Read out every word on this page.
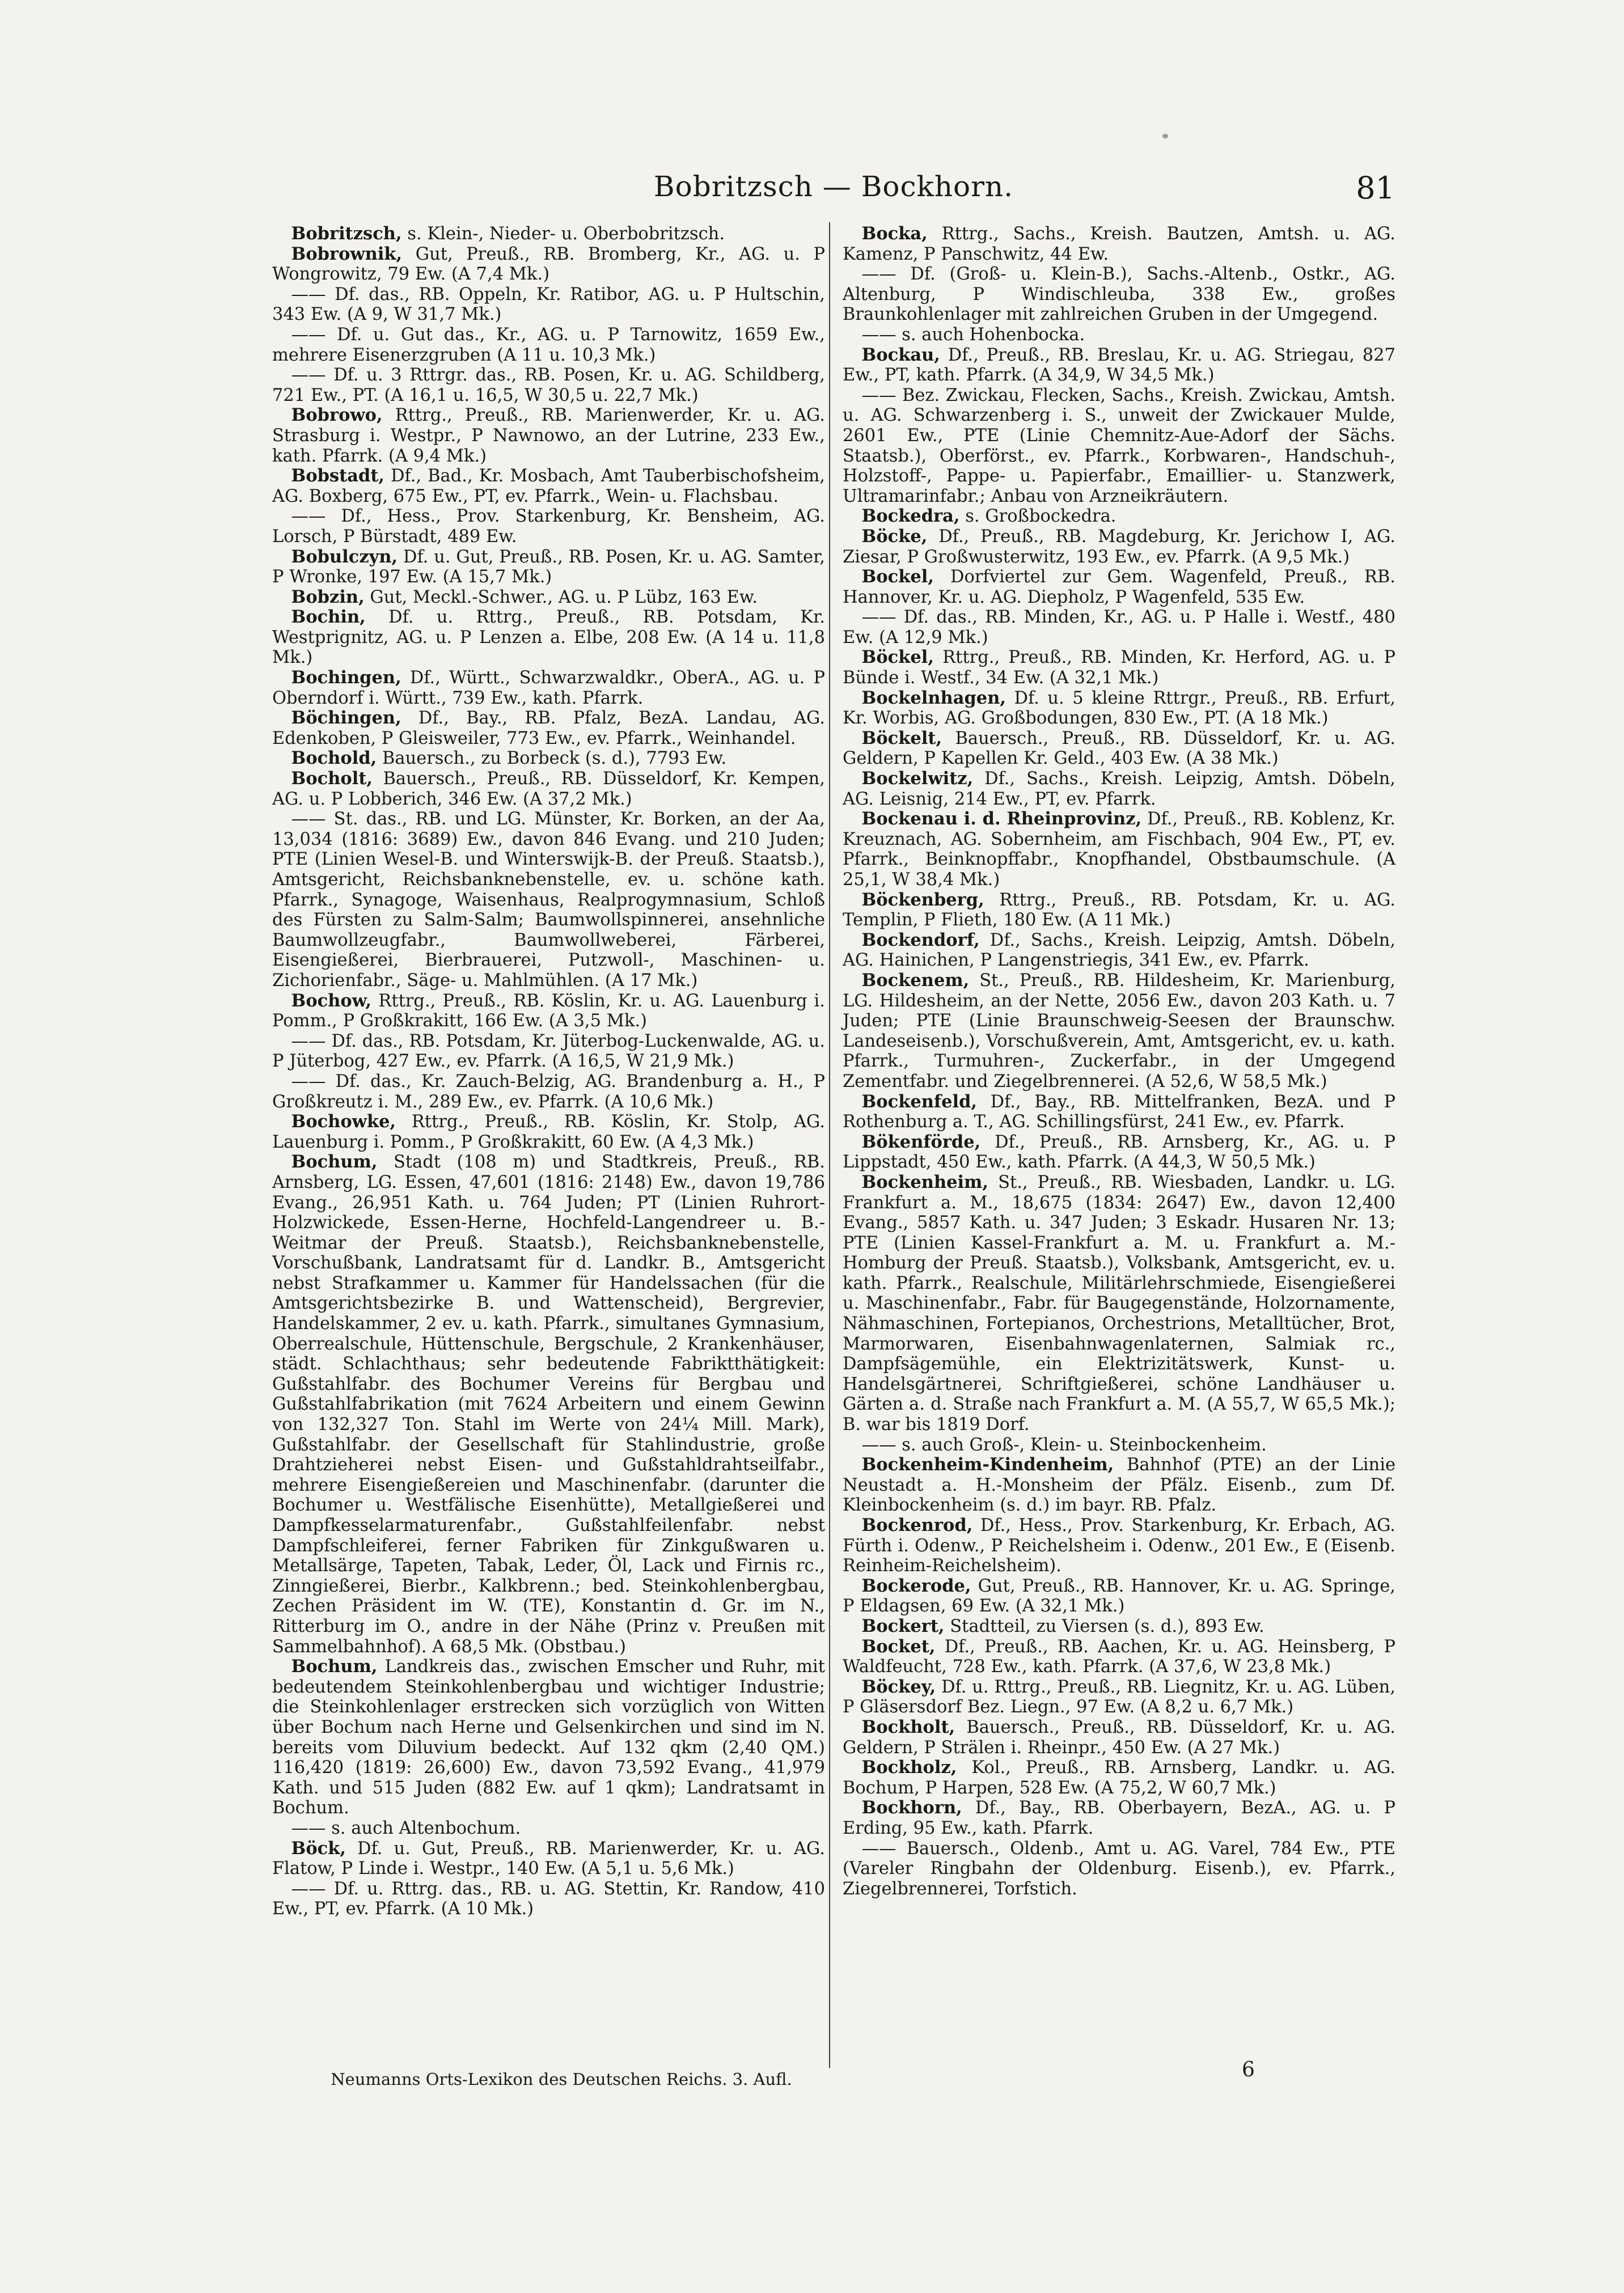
Bobritzsch — Bockhorn.	81

Bobritzsch, s. Klein-, Nieder- u. Oberbobritzsch.

Bobrownik, Gut, Preuß., RB. Bromberg, Kr., AG. u. P Wongrowitz, 79 Ew. (A 7,4 Mk.)

—— Df. das., RB. Oppeln, Kr. Ratibor, AG. u. P Hultschin, 343 Ew. (A 9, W 31,7 Mk.)

—— Df. u. Gut das., Kr., AG. u. P Tarnowitz, 1659 Ew., mehrere Eisenerzgruben (A 11 u. 10,3 Mk.)

—— Df. u. 3 Rttrgr. das., RB. Posen, Kr. u. AG. Schildberg, 721 Ew., PT. (A 16,1 u. 16,5, W 30,5 u. 22,7 Mk.)

Bobrowo, Rttrg., Preuß., RB. Marienwerder, Kr. u. AG. Strasburg i. Westpr., P Nawnowo, an der Lutrine, 233 Ew., kath. Pfarrk. (A 9,4 Mk.)

Bobstadt, Df., Bad., Kr. Mosbach, Amt Tauberbischofsheim, AG. Boxberg, 675 Ew., PT, ev. Pfarrk., Wein- u. Flachsbau.

—— Df., Hess., Prov. Starkenburg, Kr. Bensheim, AG. Lorsch, P Bürstadt, 489 Ew.

Bobulczyn, Df. u. Gut, Preuß., RB. Posen, Kr. u. AG. Samter, P Wronke, 197 Ew. (A 15,7 Mk.)

Bobzin, Gut, Meckl.-Schwer., AG. u. P Lübz, 163 Ew.

Bochin, Df. u. Rttrg., Preuß., RB. Potsdam, Kr. Westprignitz, AG. u. P Lenzen a. Elbe, 208 Ew. (A 14 u. 11,8 Mk.)

Bochingen, Df., Württ., Schwarzwaldkr., OberA., AG. u. P Oberndorf i. Württ., 739 Ew., kath. Pfarrk.

Böchingen, Df., Bay., RB. Pfalz, BezA. Landau, AG. Edenkoben, P Gleisweiler, 773 Ew., ev. Pfarrk., Weinhandel.

Bochold, Bauersch., zu Borbeck (s. d.), 7793 Ew.

Bocholt, Bauersch., Preuß., RB. Düsseldorf, Kr. Kempen, AG. u. P Lobberich, 346 Ew. (A 37,2 Mk.)

—— St. das., RB. und LG. Münster, Kr. Borken, an der Aa, 13,034 (1816: 3689) Ew., davon 846 Evang. und 210 Juden; PTE (Linien Wesel-B. und Winterswijk-B. der Preuß. Staatsb.), Amtsgericht, Reichsbanknebenstelle, ev. u. schöne kath. Pfarrk., Synagoge, Waisenhaus, Realprogymnasium, Schloß des Fürsten zu Salm-Salm; Baumwollspinnerei, ansehnliche Baumwollzeugfabr., Baumwollweberei, Färberei, Eisengießerei, Bierbrauerei, Putzwoll-, Maschinen- u. Zichorienfabr., Säge- u. Mahlmühlen. (A 17 Mk.)

Bochow, Rttrg., Preuß., RB. Köslin, Kr. u. AG. Lauenburg i. Pomm., P Großkrakitt, 166 Ew. (A 3,5 Mk.)

—— Df. das., RB. Potsdam, Kr. Jüterbog-Luckenwalde, AG. u. P Jüterbog, 427 Ew., ev. Pfarrk. (A 16,5, W 21,9 Mk.)

—— Df. das., Kr. Zauch-Belzig, AG. Brandenburg a. H., P Großkreutz i. M., 289 Ew., ev. Pfarrk. (A 10,6 Mk.)

Bochowke, Rttrg., Preuß., RB. Köslin, Kr. Stolp, AG. Lauenburg i. Pomm., P Großkrakitt, 60 Ew. (A 4,3 Mk.)

Bochum, Stadt (108 m) und Stadtkreis, Preuß., RB. Arnsberg, LG. Essen, 47,601 (1816: 2148) Ew., davon 19,786 Evang., 26,951 Kath. u. 764 Juden; PT (Linien Ruhrort-Holzwickede, Essen-Herne, Hochfeld-Langendreer u. B.-Weitmar der Preuß. Staatsb.), Reichsbanknebenstelle, Vorschußbank, Landratsamt für d. Landkr. B., Amtsgericht nebst Strafkammer u. Kammer für Handelssachen (für die Amtsgerichtsbezirke B. und Wattenscheid), Bergrevier, Handelskammer, 2 ev. u. kath. Pfarrk., simultanes Gymnasium, Oberrealschule, Hüttenschule, Bergschule, 2 Krankenhäuser, städt. Schlachthaus; sehr bedeutende Fabriktthätigkeit: Gußstahlfabr. des Bochumer Vereins für Bergbau und Gußstahlfabrikation (mit 7624 Arbeitern und einem Gewinn von 132,327 Ton. Stahl im Werte von 24¼ Mill. Mark), Gußstahlfabr. der Gesellschaft für Stahlindustrie, große Drahtzieherei nebst Eisen- und Gußstahldrahtseilfabr., mehrere Eisengießereien und Maschinenfabr. (darunter die Bochumer u. Westfälische Eisenhütte), Metallgießerei und Dampfkesselarmaturenfabr., Gußstahlfeilenfabr. nebst Dampfschleiferei, ferner Fabriken für Zinkgußwaren u. Metallsärge, Tapeten, Tabak, Leder, Öl, Lack und Firnis rc., Zinngießerei, Bierbr., Kalkbrenn.; bed. Steinkohlenbergbau, Zechen Präsident im W. (TE), Konstantin d. Gr. im N., Ritterburg im O., andre in der Nähe (Prinz v. Preußen mit Sammelbahnhof). A 68,5 Mk. (Obstbau.)

Bochum, Landkreis das., zwischen Emscher und Ruhr, mit bedeutendem Steinkohlenbergbau und wichtiger Industrie; die Steinkohlenlager erstrecken sich vorzüglich von Witten über Bochum nach Herne und Gelsenkirchen und sind im N. bereits vom Diluvium bedeckt. Auf 132 qkm (2,40 QM.) 116,420 (1819: 26,600) Ew., davon 73,592 Evang., 41,979 Kath. und 515 Juden (882 Ew. auf 1 qkm); Landratsamt in Bochum.

—— s. auch Altenbochum.

Böck, Df. u. Gut, Preuß., RB. Marienwerder, Kr. u. AG. Flatow, P Linde i. Westpr., 140 Ew. (A 5,1 u. 5,6 Mk.)

—— Df. u. Rttrg. das., RB. u. AG. Stettin, Kr. Randow, 410 Ew., PT, ev. Pfarrk. (A 10 Mk.)

Bocka, Rttrg., Sachs., Kreish. Bautzen, Amtsh. u. AG. Kamenz, P Panschwitz, 44 Ew.

—— Df. (Groß- u. Klein-B.), Sachs.-Altenb., Ostkr., AG. Altenburg, P Windischleuba, 338 Ew., großes Braunkohlenlager mit zahlreichen Gruben in der Umgegend.

—— s. auch Hohenbocka.

Bockau, Df., Preuß., RB. Breslau, Kr. u. AG. Striegau, 827 Ew., PT, kath. Pfarrk. (A 34,9, W 34,5 Mk.)

—— Bez. Zwickau, Flecken, Sachs., Kreish. Zwickau, Amtsh. u. AG. Schwarzenberg i. S., unweit der Zwickauer Mulde, 2601 Ew., PTE (Linie Chemnitz-Aue-Adorf der Sächs. Staatsb.), Oberförst., ev. Pfarrk., Korbwaren-, Handschuh-, Holzstoff-, Pappe- u. Papierfabr., Emaillier- u. Stanzwerk, Ultramarinfabr.; Anbau von Arzneikräutern.

Bockedra, s. Großbockedra.

Böcke, Df., Preuß., RB. Magdeburg, Kr. Jerichow I, AG. Ziesar, P Großwusterwitz, 193 Ew., ev. Pfarrk. (A 9,5 Mk.)

Bockel, Dorfviertel zur Gem. Wagenfeld, Preuß., RB. Hannover, Kr. u. AG. Diepholz, P Wagenfeld, 535 Ew.

—— Df. das., RB. Minden, Kr., AG. u. P Halle i. Westf., 480 Ew. (A 12,9 Mk.)

Böckel, Rttrg., Preuß., RB. Minden, Kr. Herford, AG. u. P Bünde i. Westf., 34 Ew. (A 32,1 Mk.)

Bockelnhagen, Df. u. 5 kleine Rttrgr., Preuß., RB. Erfurt, Kr. Worbis, AG. Großbodungen, 830 Ew., PT. (A 18 Mk.)

Böckelt, Bauersch., Preuß., RB. Düsseldorf, Kr. u. AG. Geldern, P Kapellen Kr. Geld., 403 Ew. (A 38 Mk.)

Bockelwitz, Df., Sachs., Kreish. Leipzig, Amtsh. Döbeln, AG. Leisnig, 214 Ew., PT, ev. Pfarrk.

Bockenau i. d. Rheinprovinz, Df., Preuß., RB. Koblenz, Kr. Kreuznach, AG. Sobernheim, am Fischbach, 904 Ew., PT, ev. Pfarrk., Beinknopffabr., Knopfhandel, Obstbaumschule. (A 25,1, W 38,4 Mk.)

Böckenberg, Rttrg., Preuß., RB. Potsdam, Kr. u. AG. Templin, P Flieth, 180 Ew. (A 11 Mk.)

Bockendorf, Df., Sachs., Kreish. Leipzig, Amtsh. Döbeln, AG. Hainichen, P Langenstriegis, 341 Ew., ev. Pfarrk.

Bockenem, St., Preuß., RB. Hildesheim, Kr. Marienburg, LG. Hildesheim, an der Nette, 2056 Ew., davon 203 Kath. u. 7 Juden; PTE (Linie Braunschweig-Seesen der Braunschw. Landeseisenb.), Vorschußverein, Amt, Amtsgericht, ev. u. kath. Pfarrk., Turmuhren-, Zuckerfabr., in der Umgegend Zementfabr. und Ziegelbrennerei. (A 52,6, W 58,5 Mk.)

Bockenfeld, Df., Bay., RB. Mittelfranken, BezA. und P Rothenburg a. T., AG. Schillingsfürst, 241 Ew., ev. Pfarrk.

Bökenförde, Df., Preuß., RB. Arnsberg, Kr., AG. u. P Lippstadt, 450 Ew., kath. Pfarrk. (A 44,3, W 50,5 Mk.)

Bockenheim, St., Preuß., RB. Wiesbaden, Landkr. u. LG. Frankfurt a. M., 18,675 (1834: 2647) Ew., davon 12,400 Evang., 5857 Kath. u. 347 Juden; 3 Eskadr. Husaren Nr. 13; PTE (Linien Kassel-Frankfurt a. M. u. Frankfurt a. M.-Homburg der Preuß. Staatsb.), Volksbank, Amtsgericht, ev. u. kath. Pfarrk., Realschule, Militärlehrschmiede, Eisengießerei u. Maschinenfabr., Fabr. für Baugegenstände, Holzornamente, Nähmaschinen, Fortepianos, Orchestrions, Metalltücher, Brot, Marmorwaren, Eisenbahnwagenlaternen, Salmiak rc., Dampfsägemühle, ein Elektrizitätswerk, Kunst- u. Handelsgärtnerei, Schriftgießerei, schöne Landhäuser u. Gärten a. d. Straße nach Frankfurt a. M. (A 55,7, W 65,5 Mk.); B. war bis 1819 Dorf.

—— s. auch Groß-, Klein- u. Steinbockenheim.

Bockenheim-Kindenheim, Bahnhof (PTE) an der Linie Neustadt a. H.-Monsheim der Pfälz. Eisenb., zum Df. Kleinbockenheim (s. d.) im bayr. RB. Pfalz.

Bockenrod, Df., Hess., Prov. Starkenburg, Kr. Erbach, AG. Fürth i. Odenw., P Reichelsheim i. Odenw., 201 Ew., E (Eisenb. Reinheim-Reichelsheim).

Bockerode, Gut, Preuß., RB. Hannover, Kr. u. AG. Springe, P Eldagsen, 69 Ew. (A 32,1 Mk.)

Bockert, Stadtteil, zu Viersen (s. d.), 893 Ew.

Bocket, Df., Preuß., RB. Aachen, Kr. u. AG. Heinsberg, P Waldfeucht, 728 Ew., kath. Pfarrk. (A 37,6, W 23,8 Mk.)

Böckey, Df. u. Rttrg., Preuß., RB. Liegnitz, Kr. u. AG. Lüben, P Gläsersdorf Bez. Liegn., 97 Ew. (A 8,2 u. 6,7 Mk.)

Bockholt, Bauersch., Preuß., RB. Düsseldorf, Kr. u. AG. Geldern, P Strälen i. Rheinpr., 450 Ew. (A 27 Mk.)

Bockholz, Kol., Preuß., RB. Arnsberg, Landkr. u. AG. Bochum, P Harpen, 528 Ew. (A 75,2, W 60,7 Mk.)

Bockhorn, Df., Bay., RB. Oberbayern, BezA., AG. u. P Erding, 95 Ew., kath. Pfarrk.

—— Bauersch., Oldenb., Amt u. AG. Varel, 784 Ew., PTE (Vareler Ringbahn der Oldenburg. Eisenb.), ev. Pfarrk., Ziegelbrennerei, Torfstich.

Neumanns Orts-Lexikon des Deutschen Reichs. 3. Aufl.	6
